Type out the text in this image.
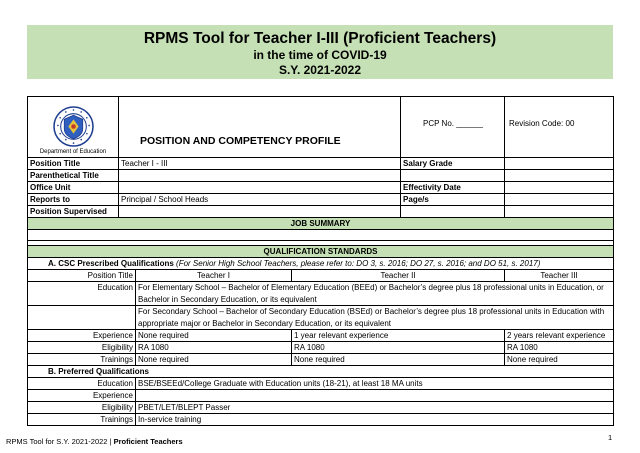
RPMS Tool for Teacher I-III (Proficient Teachers)
in the time of COVID-19
S.Y. 2021-2022
Department of Education	POSITION AND COMPETENCY PROFILE			PCP No. ______	Revision Code: 00
Position Title	Teacher I - III			Salary Grade	
Parenthetical Title					
Office Unit				Effectivity Date	
Reports to	Principal / School Heads			Page/s	
Position Supervised					
JOB SUMMARY					

QUALIFICATION STANDARDS					
A. CSC Prescribed Qualifications (For Senior High School Teachers, please refer to: DO 3, s. 2016; DO 27, s. 2016; and DO 51, s. 2017)					
Position Title		Teacher I	Teacher II		Teacher III
Education		For Elementary School – Bachelor of Elementary Education (BEEd) or Bachelor’s degree plus 18 professional units in Education, or Bachelor in Secondary Education, or its equivalent			
		For Secondary School – Bachelor of Secondary Education (BSEd) or Bachelor’s degree plus 18 professional units in Education with appropriate major or Bachelor in Secondary Education, or its equivalent			
Experience		None required	1 year relevant experience		2 years relevant experience
Eligibility		RA 1080	RA 1080		RA 1080
Trainings		None required	None required		None required
B. Preferred Qualifications					
Education		BSE/BSEEd/College Graduate with Education units (18-21), at least 18 MA units			
Experience					
Eligibility		PBET/LET/BLEPT Passer			
Trainings		In-service training			
RPMS Tool for S.Y. 2021-2022 | Proficient Teachers	1
